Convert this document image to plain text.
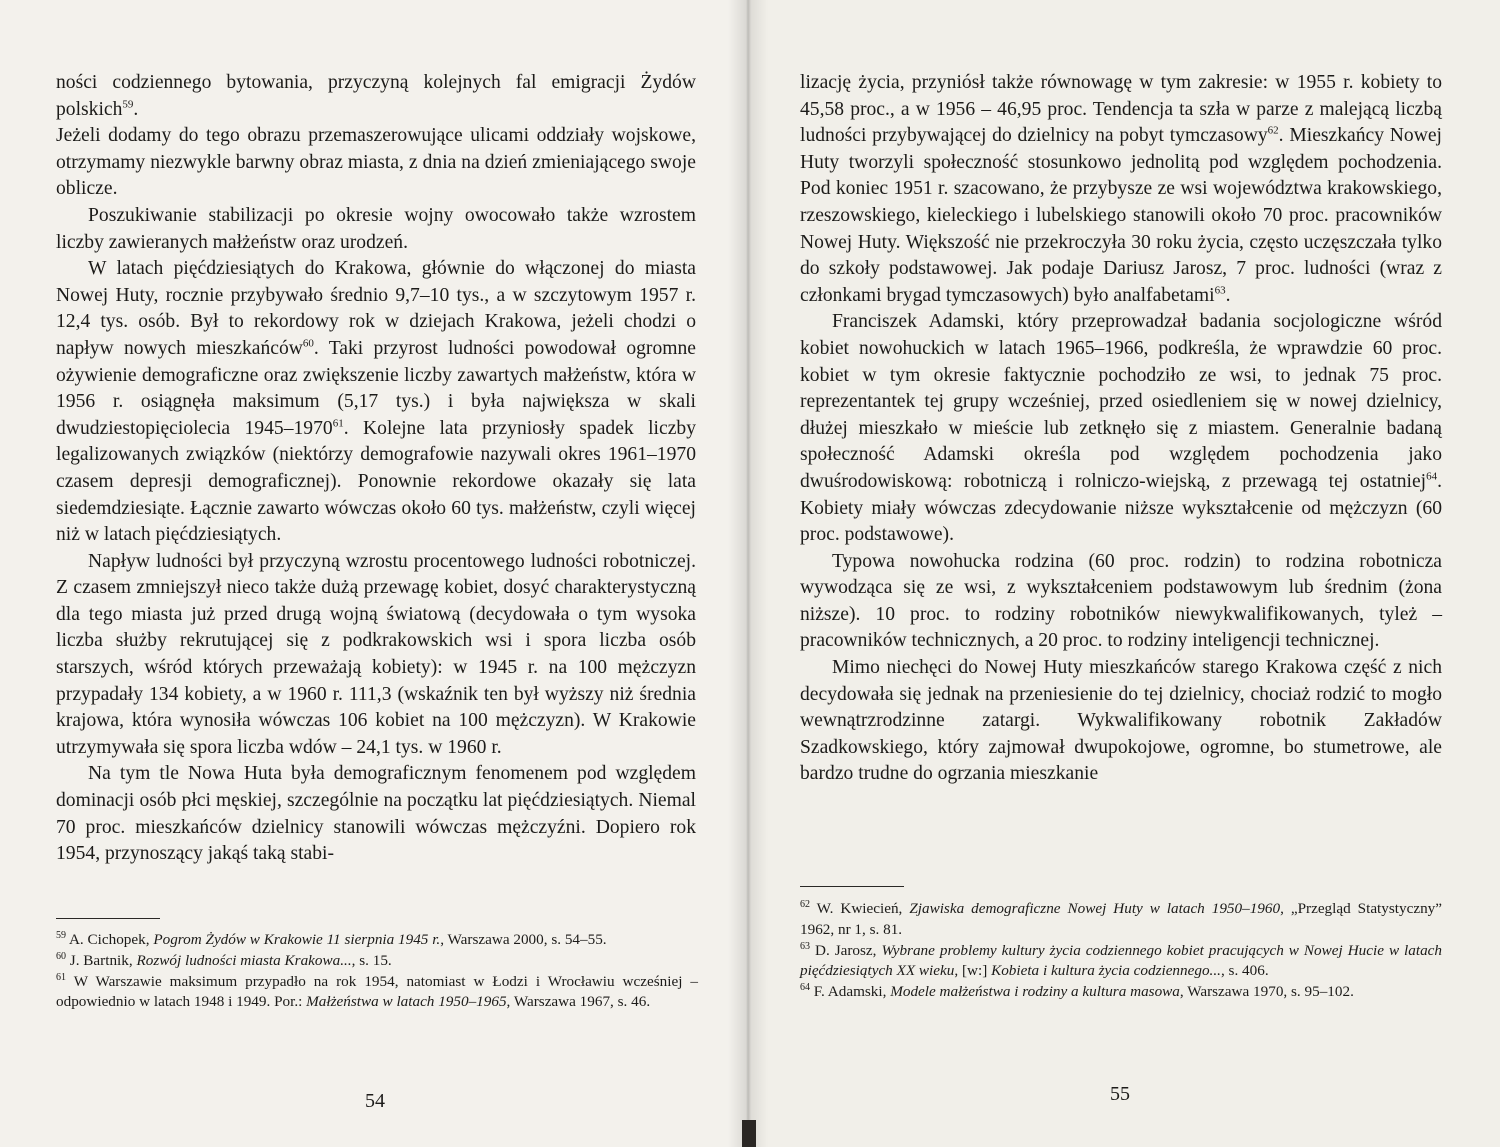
ności codziennego bytowania, przyczyną kolejnych fal emigracji Żydów polskich$^{59}$.

Jeżeli dodamy do tego obrazu przemaszerowujące ulicami oddziały wojskowe, otrzymamy niezwykle barwny obraz miasta, z dnia na dzień zmieniającego swoje oblicze.

Poszukiwanie stabilizacji po okresie wojny owocowało także wzrostem liczby zawieranych małżeństw oraz urodzeń.

W latach pięćdziesiątych do Krakowa, głównie do włączonej do miasta Nowej Huty, rocznie przybywało średnio 9,7–10 tys., a w szczytowym 1957 r. 12,4 tys. osób. Był to rekordowy rok w dziejach Krakowa, jeżeli chodzi o napływ nowych mieszkańców$^{60}$. Taki przyrost ludności powodował ogromne ożywienie demograficzne oraz zwiększenie liczby zawartych małżeństw, która w 1956 r. osiągnęła maksimum (5,17 tys.) i była największa w skali dwudziestopięciolecia 1945–1970$^{61}$. Kolejne lata przyniosły spadek liczby legalizowanych związków (niektórzy demografowie nazywali okres 1961–1970 czasem depresji demograficznej). Ponownie rekordowe okazały się lata siedemdziesiąte. Łącznie zawarto wówczas około 60 tys. małżeństw, czyli więcej niż w latach pięćdziesiątych.

Napływ ludności był przyczyną wzrostu procentowego ludności robotniczej. Z czasem zmniejszył nieco także dużą przewagę kobiet, dosyć charakterystyczną dla tego miasta już przed drugą wojną światową (decydowała o tym wysoka liczba służby rekrutującej się z podkrakowskich wsi i spora liczba osób starszych, wśród których przeważają kobiety): w 1945 r. na 100 mężczyzn przypadały 134 kobiety, a w 1960 r. 111,3 (wskaźnik ten był wyższy niż średnia krajowa, która wynosiła wówczas 106 kobiet na 100 mężczyzn). W Krakowie utrzymywała się spora liczba wdów – 24,1 tys. w 1960 r.

Na tym tle Nowa Huta była demograficznym fenomenem pod względem dominacji osób płci męskiej, szczególnie na początku lat pięćdziesiątych. Niemal 70 proc. mieszkańców dzielnicy stanowili wówczas mężczyźni. Dopiero rok 1954, przynoszący jakąś taką stabi-

$^{59}$ A. Cichopek, Pogrom Żydów w Krakowie 11 sierpnia 1945 r., Warszawa 2000, s. 54–55.

$^{60}$ J. Bartnik, Rozwój ludności miasta Krakowa..., s. 15.

$^{61}$ W Warszawie maksimum przypadło na rok 1954, natomiast w Łodzi i Wrocławiu wcześniej – odpowiednio w latach 1948 i 1949. Por.: Małżeństwa w latach 1950–1965, Warszawa 1967, s. 46.

54

lizację życia, przyniósł także równowagę w tym zakresie: w 1955 r. kobiety to 45,58 proc., a w 1956 – 46,95 proc. Tendencja ta szła w parze z malejącą liczbą ludności przybywającej do dzielnicy na pobyt tymczasowy$^{62}$. Mieszkańcy Nowej Huty tworzyli społeczność stosunkowo jednolitą pod względem pochodzenia. Pod koniec 1951 r. szacowano, że przybysze ze wsi województwa krakowskiego, rzeszowskiego, kieleckiego i lubelskiego stanowili około 70 proc. pracowników Nowej Huty. Większość nie przekroczyła 30 roku życia, często uczęszczała tylko do szkoły podstawowej. Jak podaje Dariusz Jarosz, 7 proc. ludności (wraz z członkami brygad tymczasowych) było analfabetami$^{63}$.

Franciszek Adamski, który przeprowadzał badania socjologiczne wśród kobiet nowohuckich w latach 1965–1966, podkreśla, że wprawdzie 60 proc. kobiet w tym okresie faktycznie pochodziło ze wsi, to jednak 75 proc. reprezentantek tej grupy wcześniej, przed osiedleniem się w nowej dzielnicy, dłużej mieszkało w mieście lub zetknęło się z miastem. Generalnie badaną społeczność Adamski określa pod względem pochodzenia jako dwuśrodowiskową: robotniczą i rolniczo-wiejską, z przewagą tej ostatniej$^{64}$. Kobiety miały wówczas zdecydowanie niższe wykształcenie od mężczyzn (60 proc. podstawowe).

Typowa nowohucka rodzina (60 proc. rodzin) to rodzina robotnicza wywodząca się ze wsi, z wykształceniem podstawowym lub średnim (żona niższe). 10 proc. to rodziny robotników niewykwalifikowanych, tyleż – pracowników technicznych, a 20 proc. to rodziny inteligencji technicznej.

Mimo niechęci do Nowej Huty mieszkańców starego Krakowa część z nich decydowała się jednak na przeniesienie do tej dzielnicy, chociaż rodzić to mogło wewnątrzrodzinne zatargi. Wykwalifikowany robotnik Zakładów Szadkowskiego, który zajmował dwupokojowe, ogromne, bo stumetrowe, ale bardzo trudne do ogrzania mieszkanie

$^{62}$ W. Kwiecień, Zjawiska demograficzne Nowej Huty w latach 1950–1960, „Przegląd Statystyczny” 1962, nr 1, s. 81.

$^{63}$ D. Jarosz, Wybrane problemy kultury życia codziennego kobiet pracujących w Nowej Hucie w latach pięćdziesiątych XX wieku, [w:] Kobieta i kultura życia codziennego..., s. 406.

$^{64}$ F. Adamski, Modele małżeństwa i rodziny a kultura masowa, Warszawa 1970, s. 95–102.

55
